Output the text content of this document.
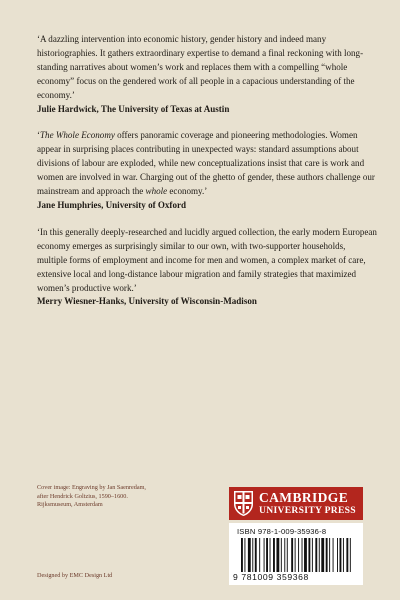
‘A dazzling intervention into economic history, gender history and indeed many historiographies. It gathers extraordinary expertise to demand a final reckoning with long-standing narratives about women’s work and replaces them with a compelling “whole economy” focus on the gendered work of all people in a capacious understanding of the economy.’

Julie Hardwick, The University of Texas at Austin

‘The Whole Economy offers panoramic coverage and pioneering methodologies. Women appear in surprising places contributing in unexpected ways: standard assumptions about divisions of labour are exploded, while new conceptualizations insist that care is work and women are involved in war. Charging out of the ghetto of gender, these authors challenge our mainstream and approach the whole economy.’

Jane Humphries, University of Oxford

‘In this generally deeply-researched and lucidly argued collection, the early modern European economy emerges as surprisingly similar to our own, with two-supporter households, multiple forms of employment and income for men and women, a complex market of care, extensive local and long-distance labour migration and family strategies that maximized women’s productive work.’

Merry Wiesner-Hanks, University of Wisconsin-Madison

Cover image: Engraving by Jan Saenredam,
after Hendrick Goltzius, 1590–1600.
Rijksmuseum, Amsterdam
Designed by EMC Design Ltd
CAMBRIDGE
UNIVERSITY PRESS
ISBN 978-1-009-35936-8
9 781009 359368
